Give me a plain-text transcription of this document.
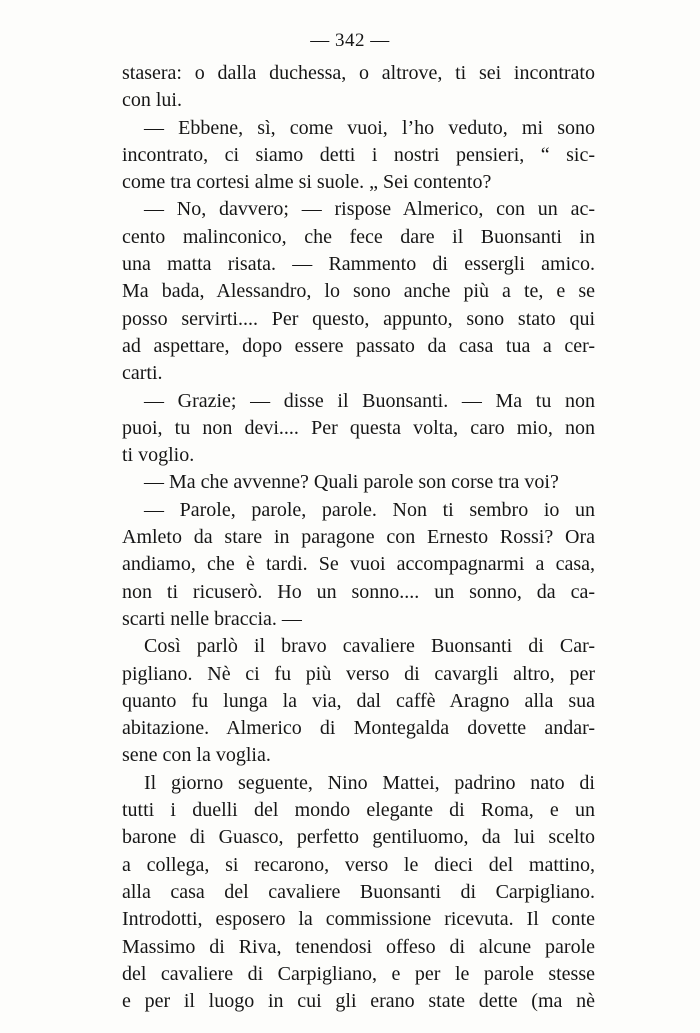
— 342 —
stasera: o dalla duchessa, o altrove, ti sei incontrato
con lui.
— Ebbene, sì, come vuoi, l’ho veduto, mi sono
incontrato, ci siamo detti i nostri pensieri, “ sic-
come tra cortesi alme si suole. „ Sei contento?
— No, davvero; — rispose Almerico, con un ac-
cento malinconico, che fece dare il Buonsanti in
una matta risata. — Rammento di essergli amico.
Ma bada, Alessandro, lo sono anche più a te, e se
posso servirti.... Per questo, appunto, sono stato qui
ad aspettare, dopo essere passato da casa tua a cer-
carti.
— Grazie; — disse il Buonsanti. — Ma tu non
puoi, tu non devi.... Per questa volta, caro mio, non
ti voglio.
— Ma che avvenne? Quali parole son corse tra voi?
— Parole, parole, parole. Non ti sembro io un
Amleto da stare in paragone con Ernesto Rossi? Ora
andiamo, che è tardi. Se vuoi accompagnarmi a casa,
non ti ricuserò. Ho un sonno.... un sonno, da ca-
scarti nelle braccia. —
Così parlò il bravo cavaliere Buonsanti di Car-
pigliano. Nè ci fu più verso di cavargli altro, per
quanto fu lunga la via, dal caffè Aragno alla sua
abitazione. Almerico di Montegalda dovette andar-
sene con la voglia.
Il giorno seguente, Nino Mattei, padrino nato di
tutti i duelli del mondo elegante di Roma, e un
barone di Guasco, perfetto gentiluomo, da lui scelto
a collega, si recarono, verso le dieci del mattino,
alla casa del cavaliere Buonsanti di Carpigliano.
Introdotti, esposero la commissione ricevuta. Il conte
Massimo di Riva, tenendosi offeso di alcune parole
del cavaliere di Carpigliano, e per le parole stesse
e per il luogo in cui gli erano state dette (ma nè
